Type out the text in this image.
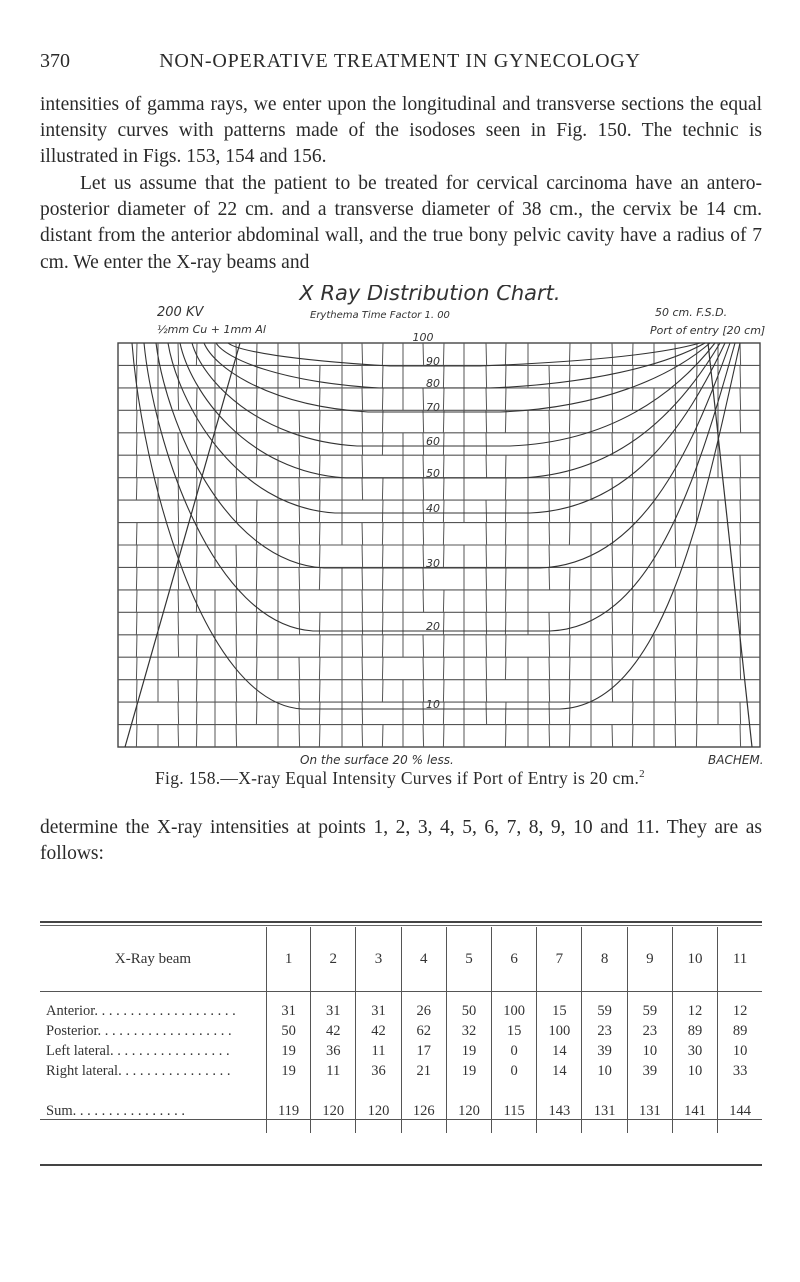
370	NON-OPERATIVE TREATMENT IN GYNECOLOGY

intensities of gamma rays, we enter upon the longitudinal and transverse sections the equal intensity curves with patterns made of the isodoses seen in Fig. 150. The technic is illustrated in Figs. 153, 154 and 156.

Let us assume that the patient to be treated for cervical carcinoma have an antero-posterior diameter of 22 cm. and a transverse diameter of 38 cm., the cervix be 14 cm. distant from the anterior abdominal wall, and the true bony pelvic cavity have a radius of 7 cm. We enter the X-ray beams and

X Ray Distribution Chart.
Erythema Time Factor 1. 00
200 KV
½mm Cu + 1mm Al
50 cm. F.S.D.
Port of entry [20 cm]
100
90
80
70
60
50
40
30
20
10
On the surface 20 % less.	BACHEM.
Fig. 158.—X-ray Equal Intensity Curves if Port of Entry is 20 cm.$^2$

determine the X-ray intensities at points 1, 2, 3, 4, 5, 6, 7, 8, 9, 10 and 11. They are as follows:

X-Ray beam	1	2	3	4	5	6	7	8	9	10	11
Anterior. . . . . . . . . . . . . . . . . . . .	31	31	31	26	50	100	15	59	59	12	12
Posterior. . . . . . . . . . . . . . . . . . .	50	42	42	62	32	15	100	23	23	89	89
Left lateral. . . . . . . . . . . . . . . . .	19	36	11	17	19	0	14	39	10	30	10
Right lateral. . . . . . . . . . . . . . . .	19	11	36	21	19	0	14	10	39	10	33
Sum. . . . . . . . . . . . . . . .	119	120	120	126	120	115	143	131	131	141	144
